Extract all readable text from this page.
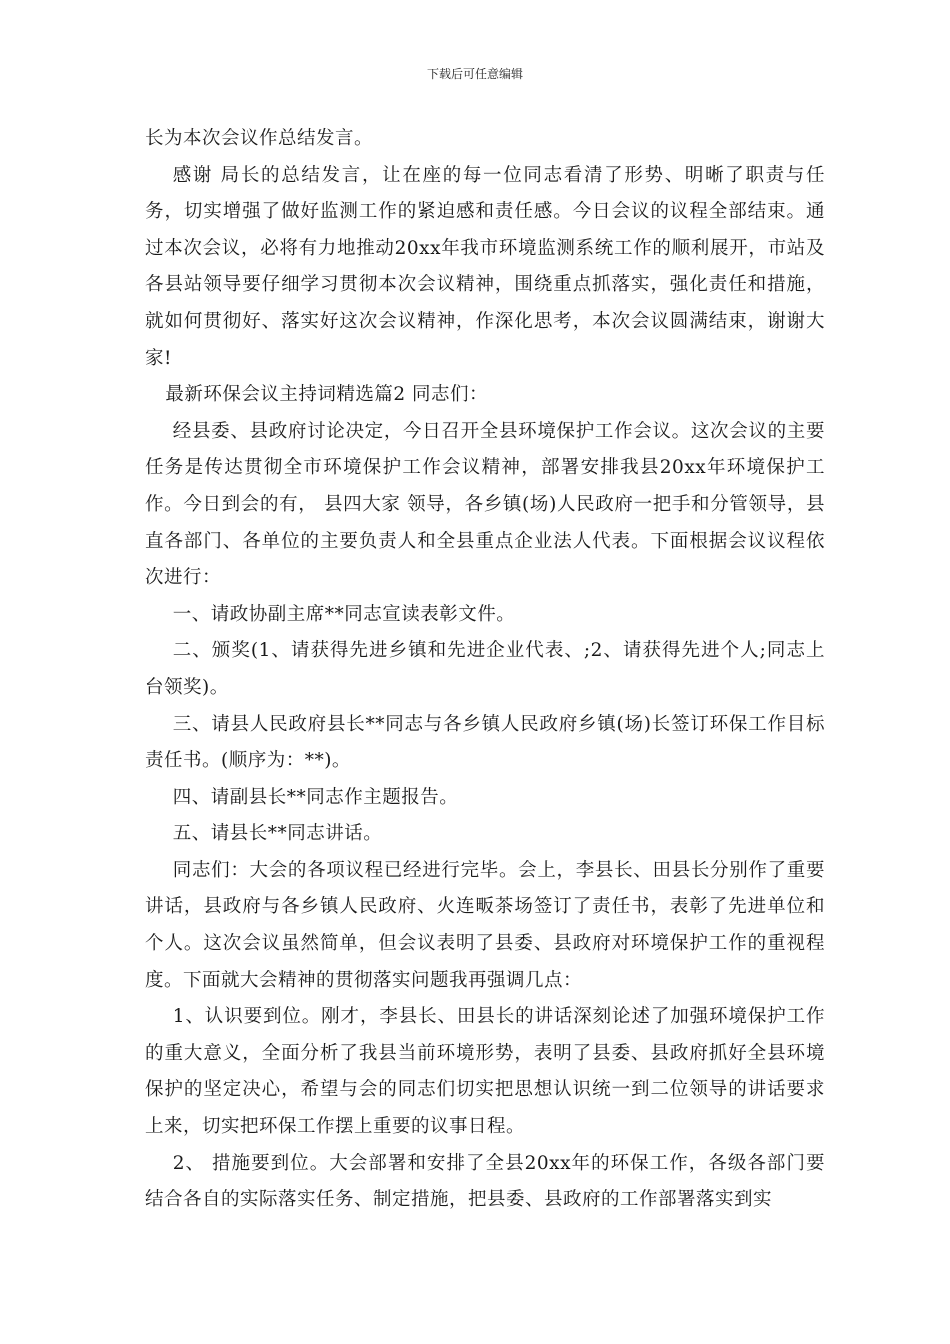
下载后可任意编辑

长为本次会议作总结发言。

感谢 局长的总结发言，让在座的每一位同志看清了形势、明晰了职责与任务，切实增强了做好监测工作的紧迫感和责任感。今日会议的议程全部结束。通过本次会议，必将有力地推动20xx年我市环境监测系统工作的顺利展开，市站及各县站领导要仔细学习贯彻本次会议精神，围绕重点抓落实，强化责任和措施，就如何贯彻好、落实好这次会议精神，作深化思考，本次会议圆满结束，谢谢大家!

最新环保会议主持词精选篇2 同志们：

经县委、县政府讨论决定，今日召开全县环境保护工作会议。这次会议的主要任务是传达贯彻全市环境保护工作会议精神，部署安排我县20xx年环境保护工作。今日到会的有， 县四大家 领导，各乡镇(场)人民政府一把手和分管领导，县直各部门、各单位的主要负责人和全县重点企业法人代表。下面根据会议议程依次进行：

一、请政协副主席**同志宣读表彰文件。

二、颁奖(1、请获得先进乡镇和先进企业代表、;2、请获得先进个人;同志上台领奖)。

三、请县人民政府县长**同志与各乡镇人民政府乡镇(场)长签订环保工作目标责任书。(顺序为：**)。

四、请副县长**同志作主题报告。

五、请县长**同志讲话。

同志们：大会的各项议程已经进行完毕。会上，李县长、田县长分别作了重要讲话，县政府与各乡镇人民政府、火连畈茶场签订了责任书，表彰了先进单位和个人。这次会议虽然简单，但会议表明了县委、县政府对环境保护工作的重视程度。下面就大会精神的贯彻落实问题我再强调几点：

1、认识要到位。刚才，李县长、田县长的讲话深刻论述了加强环境保护工作的重大意义，全面分析了我县当前环境形势，表明了县委、县政府抓好全县环境保护的坚定决心，希望与会的同志们切实把思想认识统一到二位领导的讲话要求上来，切实把环保工作摆上重要的议事日程。

2、 措施要到位。大会部署和安排了全县20xx年的环保工作，各级各部门要结合各自的实际落实任务、制定措施，把县委、县政府的工作部署落实到实
